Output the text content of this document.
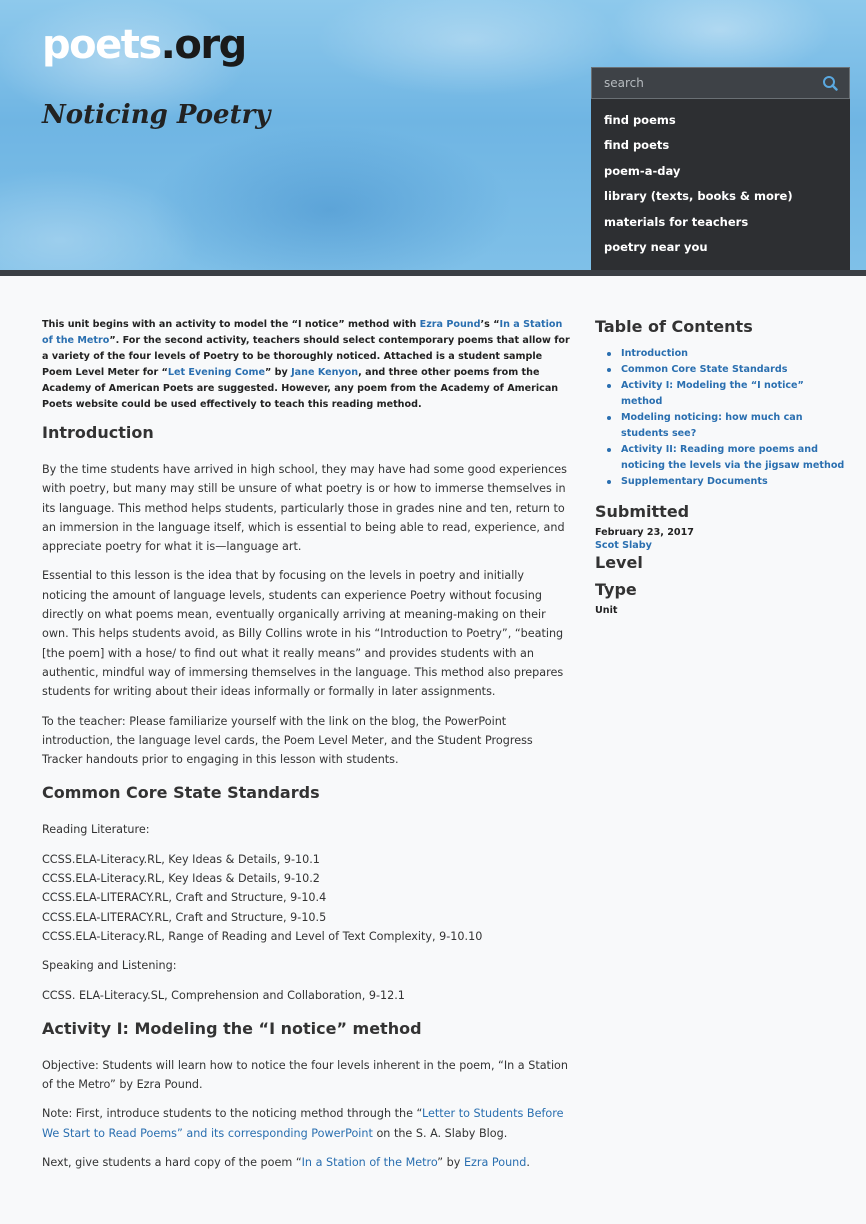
poets.org
Noticing Poetry
search	find poems
find poets
poem-a-day
library (texts, books & more)
materials for teachers
poetry near you

This unit begins with an activity to model the “I notice” method with Ezra Pound’s “In a Station of the Metro”. For the second activity, teachers should select contemporary poems that allow for a variety of the four levels of Poetry to be thoroughly noticed. Attached is a student sample Poem Level Meter for “Let Evening Come” by Jane Kenyon, and three other poems from the Academy of American Poets are suggested. However, any poem from the Academy of American Poets website could be used effectively to teach this reading method.

Introduction

By the time students have arrived in high school, they may have had some good experiences with poetry, but many may still be unsure of what poetry is or how to immerse themselves in its language. This method helps students, particularly those in grades nine and ten, return to an immersion in the language itself, which is essential to being able to read, experience, and appreciate poetry for what it is—language art.

Essential to this lesson is the idea that by focusing on the levels in poetry and initially noticing the amount of language levels, students can experience Poetry without focusing directly on what poems mean, eventually organically arriving at meaning-making on their own. This helps students avoid, as Billy Collins wrote in his “Introduction to Poetry”, “beating [the poem] with a hose/ to find out what it really means” and provides students with an authentic, mindful way of immersing themselves in the language. This method also prepares students for writing about their ideas informally or formally in later assignments.

To the teacher: Please familiarize yourself with the link on the blog, the PowerPoint introduction, the language level cards, the Poem Level Meter, and the Student Progress Tracker handouts prior to engaging in this lesson with students.

Common Core State Standards

Reading Literature:

CCSS.ELA-Literacy.RL, Key Ideas & Details, 9-10.1
CCSS.ELA-Literacy.RL, Key Ideas & Details, 9-10.2
CCSS.ELA-LITERACY.RL, Craft and Structure, 9-10.4
CCSS.ELA-LITERACY.RL, Craft and Structure, 9-10.5
CCSS.ELA-Literacy.RL, Range of Reading and Level of Text Complexity, 9-10.10

Speaking and Listening:

CCSS. ELA-Literacy.SL, Comprehension and Collaboration, 9-12.1
Activity I: Modeling the “I notice” method

Objective: Students will learn how to notice the four levels inherent in the poem, “In a Station of the Metro” by Ezra Pound.

Note: First, introduce students to the noticing method through the “Letter to Students Before We Start to Read Poems” and its corresponding PowerPoint on the S. A. Slaby Blog.

Next, give students a hard copy of the poem “In a Station of the Metro” by Ezra Pound.

Table of Contents
Introduction
Common Core State Standards
Activity I: Modeling the “I notice” method
Modeling noticing: how much can students see?
Activity II: Reading more poems and noticing the levels via the jigsaw method
Supplementary Documents
Submitted
February 23, 2017
Scot Slaby
Level
Type
Unit
